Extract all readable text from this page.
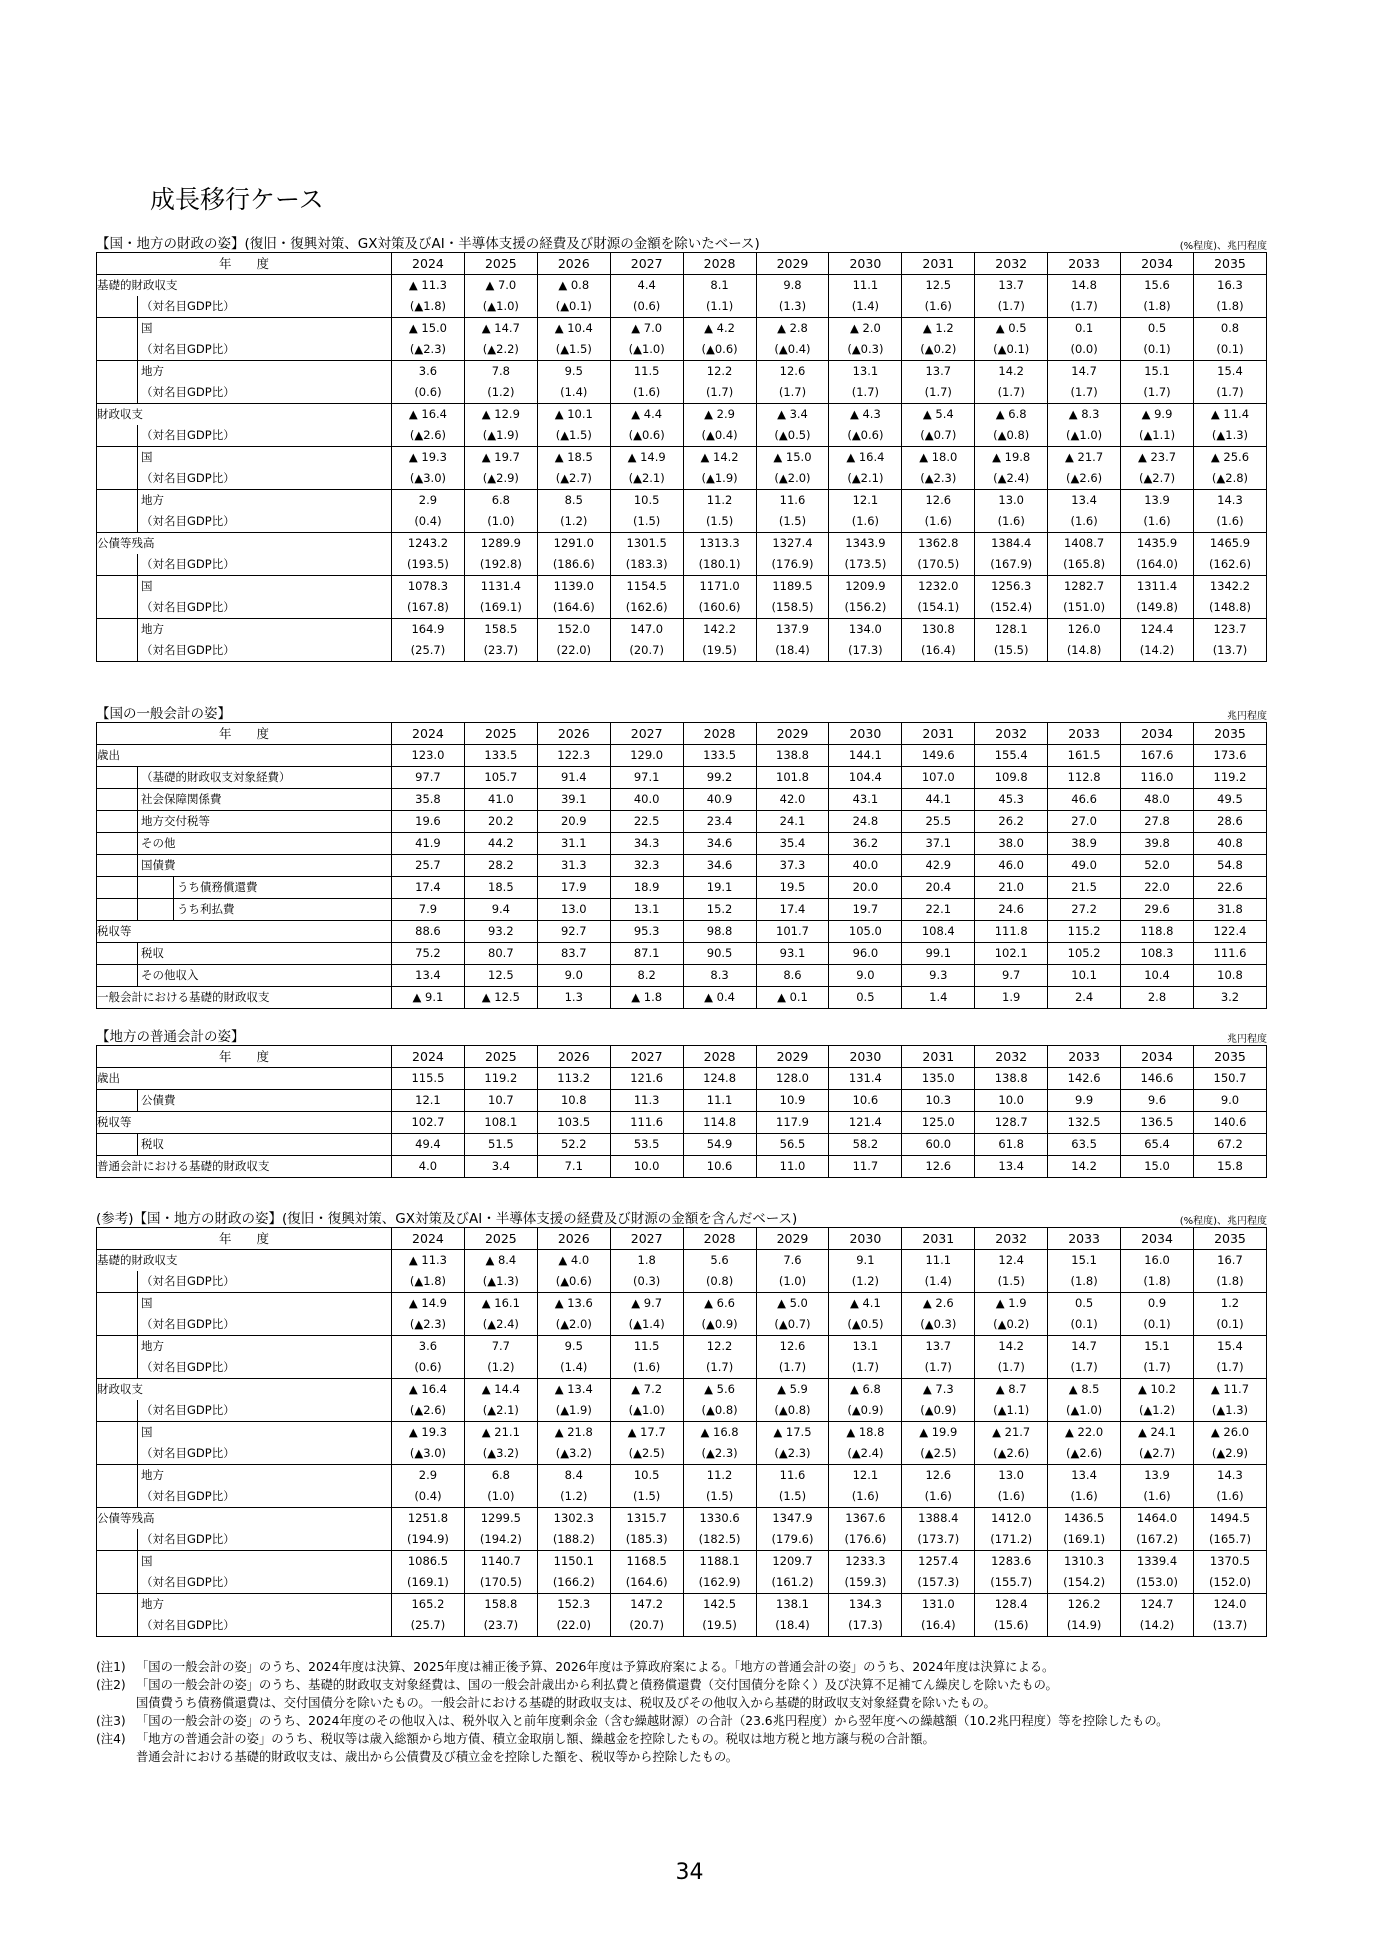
成長移行ケース
【国・地方の財政の姿】(復旧・復興対策、GX対策及びAI・半導体支援の経費及び財源の金額を除いたベース)	(%程度)、兆円程度
年　　度	2024	2025	2026	2027	2028	2029	2030	2031	2032	2033	2034	2035

基礎的財政収支	▲ 11.3	▲ 7.0	▲ 0.8	4.4	8.1	9.8	11.1	12.5	13.7	14.8	15.6	16.3

（対名目GDP比）	(▲1.8)	(▲1.0)	(▲0.1)	(0.6)	(1.1)	(1.3)	(1.4)	(1.6)	(1.7)	(1.7)	(1.8)	(1.8)

国	▲ 15.0	▲ 14.7	▲ 10.4	▲ 7.0	▲ 4.2	▲ 2.8	▲ 2.0	▲ 1.2	▲ 0.5	0.1	0.5	0.8

（対名目GDP比）	(▲2.3)	(▲2.2)	(▲1.5)	(▲1.0)	(▲0.6)	(▲0.4)	(▲0.3)	(▲0.2)	(▲0.1)	(0.0)	(0.1)	(0.1)

地方	3.6	7.8	9.5	11.5	12.2	12.6	13.1	13.7	14.2	14.7	15.1	15.4

（対名目GDP比）	(0.6)	(1.2)	(1.4)	(1.6)	(1.7)	(1.7)	(1.7)	(1.7)	(1.7)	(1.7)	(1.7)	(1.7)

財政収支	▲ 16.4	▲ 12.9	▲ 10.1	▲ 4.4	▲ 2.9	▲ 3.4	▲ 4.3	▲ 5.4	▲ 6.8	▲ 8.3	▲ 9.9	▲ 11.4

（対名目GDP比）	(▲2.6)	(▲1.9)	(▲1.5)	(▲0.6)	(▲0.4)	(▲0.5)	(▲0.6)	(▲0.7)	(▲0.8)	(▲1.0)	(▲1.1)	(▲1.3)

国	▲ 19.3	▲ 19.7	▲ 18.5	▲ 14.9	▲ 14.2	▲ 15.0	▲ 16.4	▲ 18.0	▲ 19.8	▲ 21.7	▲ 23.7	▲ 25.6

（対名目GDP比）	(▲3.0)	(▲2.9)	(▲2.7)	(▲2.1)	(▲1.9)	(▲2.0)	(▲2.1)	(▲2.3)	(▲2.4)	(▲2.6)	(▲2.7)	(▲2.8)

地方	2.9	6.8	8.5	10.5	11.2	11.6	12.1	12.6	13.0	13.4	13.9	14.3

（対名目GDP比）	(0.4)	(1.0)	(1.2)	(1.5)	(1.5)	(1.5)	(1.6)	(1.6)	(1.6)	(1.6)	(1.6)	(1.6)

公債等残高	1243.2	1289.9	1291.0	1301.5	1313.3	1327.4	1343.9	1362.8	1384.4	1408.7	1435.9	1465.9

（対名目GDP比）	(193.5)	(192.8)	(186.6)	(183.3)	(180.1)	(176.9)	(173.5)	(170.5)	(167.9)	(165.8)	(164.0)	(162.6)

国	1078.3	1131.4	1139.0	1154.5	1171.0	1189.5	1209.9	1232.0	1256.3	1282.7	1311.4	1342.2

（対名目GDP比）	(167.8)	(169.1)	(164.6)	(162.6)	(160.6)	(158.5)	(156.2)	(154.1)	(152.4)	(151.0)	(149.8)	(148.8)

地方	164.9	158.5	152.0	147.0	142.2	137.9	134.0	130.8	128.1	126.0	124.4	123.7

（対名目GDP比）	(25.7)	(23.7)	(22.0)	(20.7)	(19.5)	(18.4)	(17.3)	(16.4)	(15.5)	(14.8)	(14.2)	(13.7)
【国の一般会計の姿】	兆円程度
年　　度	2024	2025	2026	2027	2028	2029	2030	2031	2032	2033	2034	2035

歳出	123.0	133.5	122.3	129.0	133.5	138.8	144.1	149.6	155.4	161.5	167.6	173.6

（基礎的財政収支対象経費）	97.7	105.7	91.4	97.1	99.2	101.8	104.4	107.0	109.8	112.8	116.0	119.2

社会保障関係費	35.8	41.0	39.1	40.0	40.9	42.0	43.1	44.1	45.3	46.6	48.0	49.5

地方交付税等	19.6	20.2	20.9	22.5	23.4	24.1	24.8	25.5	26.2	27.0	27.8	28.6

その他	41.9	44.2	31.1	34.3	34.6	35.4	36.2	37.1	38.0	38.9	39.8	40.8

国債費	25.7	28.2	31.3	32.3	34.6	37.3	40.0	42.9	46.0	49.0	52.0	54.8

うち債務償還費	17.4	18.5	17.9	18.9	19.1	19.5	20.0	20.4	21.0	21.5	22.0	22.6

うち利払費	7.9	9.4	13.0	13.1	15.2	17.4	19.7	22.1	24.6	27.2	29.6	31.8

税収等	88.6	93.2	92.7	95.3	98.8	101.7	105.0	108.4	111.8	115.2	118.8	122.4

税収	75.2	80.7	83.7	87.1	90.5	93.1	96.0	99.1	102.1	105.2	108.3	111.6

その他収入	13.4	12.5	9.0	8.2	8.3	8.6	9.0	9.3	9.7	10.1	10.4	10.8

一般会計における基礎的財政収支	▲ 9.1	▲ 12.5	1.3	▲ 1.8	▲ 0.4	▲ 0.1	0.5	1.4	1.9	2.4	2.8	3.2
【地方の普通会計の姿】	兆円程度
年　　度	2024	2025	2026	2027	2028	2029	2030	2031	2032	2033	2034	2035

歳出	115.5	119.2	113.2	121.6	124.8	128.0	131.4	135.0	138.8	142.6	146.6	150.7

公債費	12.1	10.7	10.8	11.3	11.1	10.9	10.6	10.3	10.0	9.9	9.6	9.0

税収等	102.7	108.1	103.5	111.6	114.8	117.9	121.4	125.0	128.7	132.5	136.5	140.6

税収	49.4	51.5	52.2	53.5	54.9	56.5	58.2	60.0	61.8	63.5	65.4	67.2

普通会計における基礎的財政収支	4.0	3.4	7.1	10.0	10.6	11.0	11.7	12.6	13.4	14.2	15.0	15.8
(参考)【国・地方の財政の姿】(復旧・復興対策、GX対策及びAI・半導体支援の経費及び財源の金額を含んだベース)	(%程度)、兆円程度
年　　度	2024	2025	2026	2027	2028	2029	2030	2031	2032	2033	2034	2035

基礎的財政収支	▲ 11.3	▲ 8.4	▲ 4.0	1.8	5.6	7.6	9.1	11.1	12.4	15.1	16.0	16.7

（対名目GDP比）	(▲1.8)	(▲1.3)	(▲0.6)	(0.3)	(0.8)	(1.0)	(1.2)	(1.4)	(1.5)	(1.8)	(1.8)	(1.8)

国	▲ 14.9	▲ 16.1	▲ 13.6	▲ 9.7	▲ 6.6	▲ 5.0	▲ 4.1	▲ 2.6	▲ 1.9	0.5	0.9	1.2

（対名目GDP比）	(▲2.3)	(▲2.4)	(▲2.0)	(▲1.4)	(▲0.9)	(▲0.7)	(▲0.5)	(▲0.3)	(▲0.2)	(0.1)	(0.1)	(0.1)

地方	3.6	7.7	9.5	11.5	12.2	12.6	13.1	13.7	14.2	14.7	15.1	15.4

（対名目GDP比）	(0.6)	(1.2)	(1.4)	(1.6)	(1.7)	(1.7)	(1.7)	(1.7)	(1.7)	(1.7)	(1.7)	(1.7)

財政収支	▲ 16.4	▲ 14.4	▲ 13.4	▲ 7.2	▲ 5.6	▲ 5.9	▲ 6.8	▲ 7.3	▲ 8.7	▲ 8.5	▲ 10.2	▲ 11.7

（対名目GDP比）	(▲2.6)	(▲2.1)	(▲1.9)	(▲1.0)	(▲0.8)	(▲0.8)	(▲0.9)	(▲0.9)	(▲1.1)	(▲1.0)	(▲1.2)	(▲1.3)

国	▲ 19.3	▲ 21.1	▲ 21.8	▲ 17.7	▲ 16.8	▲ 17.5	▲ 18.8	▲ 19.9	▲ 21.7	▲ 22.0	▲ 24.1	▲ 26.0

（対名目GDP比）	(▲3.0)	(▲3.2)	(▲3.2)	(▲2.5)	(▲2.3)	(▲2.3)	(▲2.4)	(▲2.5)	(▲2.6)	(▲2.6)	(▲2.7)	(▲2.9)

地方	2.9	6.8	8.4	10.5	11.2	11.6	12.1	12.6	13.0	13.4	13.9	14.3

（対名目GDP比）	(0.4)	(1.0)	(1.2)	(1.5)	(1.5)	(1.5)	(1.6)	(1.6)	(1.6)	(1.6)	(1.6)	(1.6)

公債等残高	1251.8	1299.5	1302.3	1315.7	1330.6	1347.9	1367.6	1388.4	1412.0	1436.5	1464.0	1494.5

（対名目GDP比）	(194.9)	(194.2)	(188.2)	(185.3)	(182.5)	(179.6)	(176.6)	(173.7)	(171.2)	(169.1)	(167.2)	(165.7)

国	1086.5	1140.7	1150.1	1168.5	1188.1	1209.7	1233.3	1257.4	1283.6	1310.3	1339.4	1370.5

（対名目GDP比）	(169.1)	(170.5)	(166.2)	(164.6)	(162.9)	(161.2)	(159.3)	(157.3)	(155.7)	(154.2)	(153.0)	(152.0)

地方	165.2	158.8	152.3	147.2	142.5	138.1	134.3	131.0	128.4	126.2	124.7	124.0

（対名目GDP比）	(25.7)	(23.7)	(22.0)	(20.7)	(19.5)	(18.4)	(17.3)	(16.4)	(15.6)	(14.9)	(14.2)	(13.7)
(注1) 「国の一般会計の姿」のうち、2024年度は決算、2025年度は補正後予算、2026年度は予算政府案による。「地方の普通会計の姿」のうち、2024年度は決算による。
(注2) 「国の一般会計の姿」のうち、基礎的財政収支対象経費は、国の一般会計歳出から利払費と債務償還費（交付国債分を除く）及び決算不足補てん繰戻しを除いたもの。
国債費うち債務償還費は、交付国債分を除いたもの。一般会計における基礎的財政収支は、税収及びその他収入から基礎的財政収支対象経費を除いたもの。
(注3) 「国の一般会計の姿」のうち、2024年度のその他収入は、税外収入と前年度剰余金（含む繰越財源）の合計（23.6兆円程度）から翌年度への繰越額（10.2兆円程度）等を控除したもの。
(注4) 「地方の普通会計の姿」のうち、税収等は歳入総額から地方債、積立金取崩し額、繰越金を控除したもの。税収は地方税と地方譲与税の合計額。
普通会計における基礎的財政収支は、歳出から公債費及び積立金を控除した額を、税収等から控除したもの。
34
